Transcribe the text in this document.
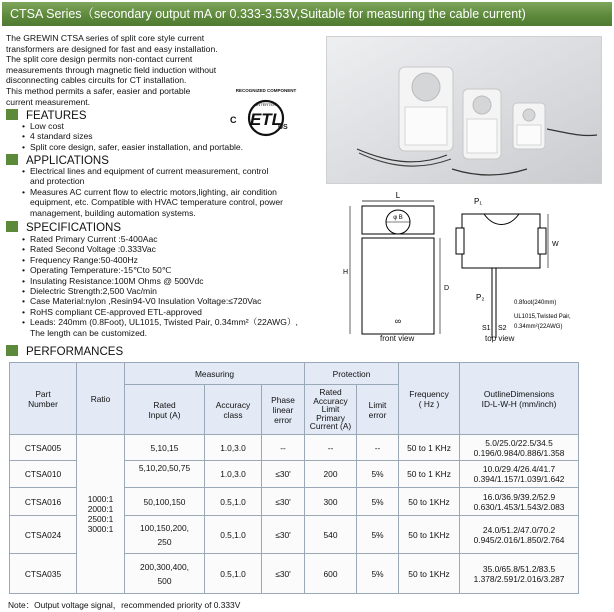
CTSA Series（secondary output mA or 0.333-3.53V,Suitable for measuring the cable current)
The GREWIN CTSA series of split core style current
transformers are designed for fast and easy installation.
The split core design permits non-contact current
measurements through magnetic field induction without
disconnecting cables circuits for CT installation.
This method permits a safer, easier and portable
current measurement.
RECOGNIZED COMPONENT
INTERTEK
ETL
C
US
FEATURES
• Low cost
• 4 standard sizes
• Split core design, safer, easier installation, and portable.
APPLICATIONS
• Electrical lines and equipment of current measurement, control
and protection
• Measures AC current flow to electric motors,lighting, air condition
equipment, etc. Compatible with HVAC temperature control, power
management, building automation systems.
SPECIFICATIONS
• Rated Primary Current :5-400Aac
• Rated Second Voltage :0.333Vac
• Frequency Range:50-400Hz
• Operating Temperature:-15℃to 50℃
• Insulating Resistance:100M Ohms @ 500Vdc
• Dielectric Strength:2,500 Vac/min
• Case Material:nylon ,Resin94-V0 Insulation Voltage:≤720Vac
• RoHS compliant CE-approved ETL-approved
• Leads: 240mm (0.8Foot), UL1015, Twisted Pair, 0.34mm²（22AWG）,
The length can be customized.
PERFORMANCES
L
φ B
∞
H
D
P₁
P₂
W
0.8foot(240mm)
UL1015,Twisted Pair,
0.34mm²(22AWG)
S1 S2
front view	top view
Part
Number	Ratio	Measuring			Protection		Frequency
( Hz )	OutlineDimensions
ID-L-W-H (mm/inch)
		Rated
Input (A)	Accuracy
class	Phase
linear
error	Rated
Accuracy
Limit
Primary
Current (A)	Limit
error		
CTSA005	1000:1
2000:1
2500:1
3000:1	5,10,15	1.0,3.0	--	--	--	50 to 1 KHz	5.0/25.0/22.5/34.5
0.196/0.984/0.886/1.358
CTSA010		5,10,20,50,75	1.0,3.0	≤30'	200	5%	50 to 1 KHz	10.0/29.4/26.4/41.7
0.394/1.157/1.039/1.642
CTSA016		50,100,150	0.5,1.0	≤30'	300	5%	50 to 1KHz	16.0/36.9/39.2/52.9
0.630/1.453/1.543/2.083
CTSA024		100,150,200,
250	0.5,1.0	≤30'	540	5%	50 to 1KHz	24.0/51.2/47.0/70.2
0.945/2.016/1.850/2.764
CTSA035		200,300,400,
500	0.5,1.0	≤30'	600	5%	50 to 1KHz	35.0/65.8/51.2/83.5
1.378/2.591/2.016/3.287
Note：Output voltage signal，recommended priority of 0.333V
